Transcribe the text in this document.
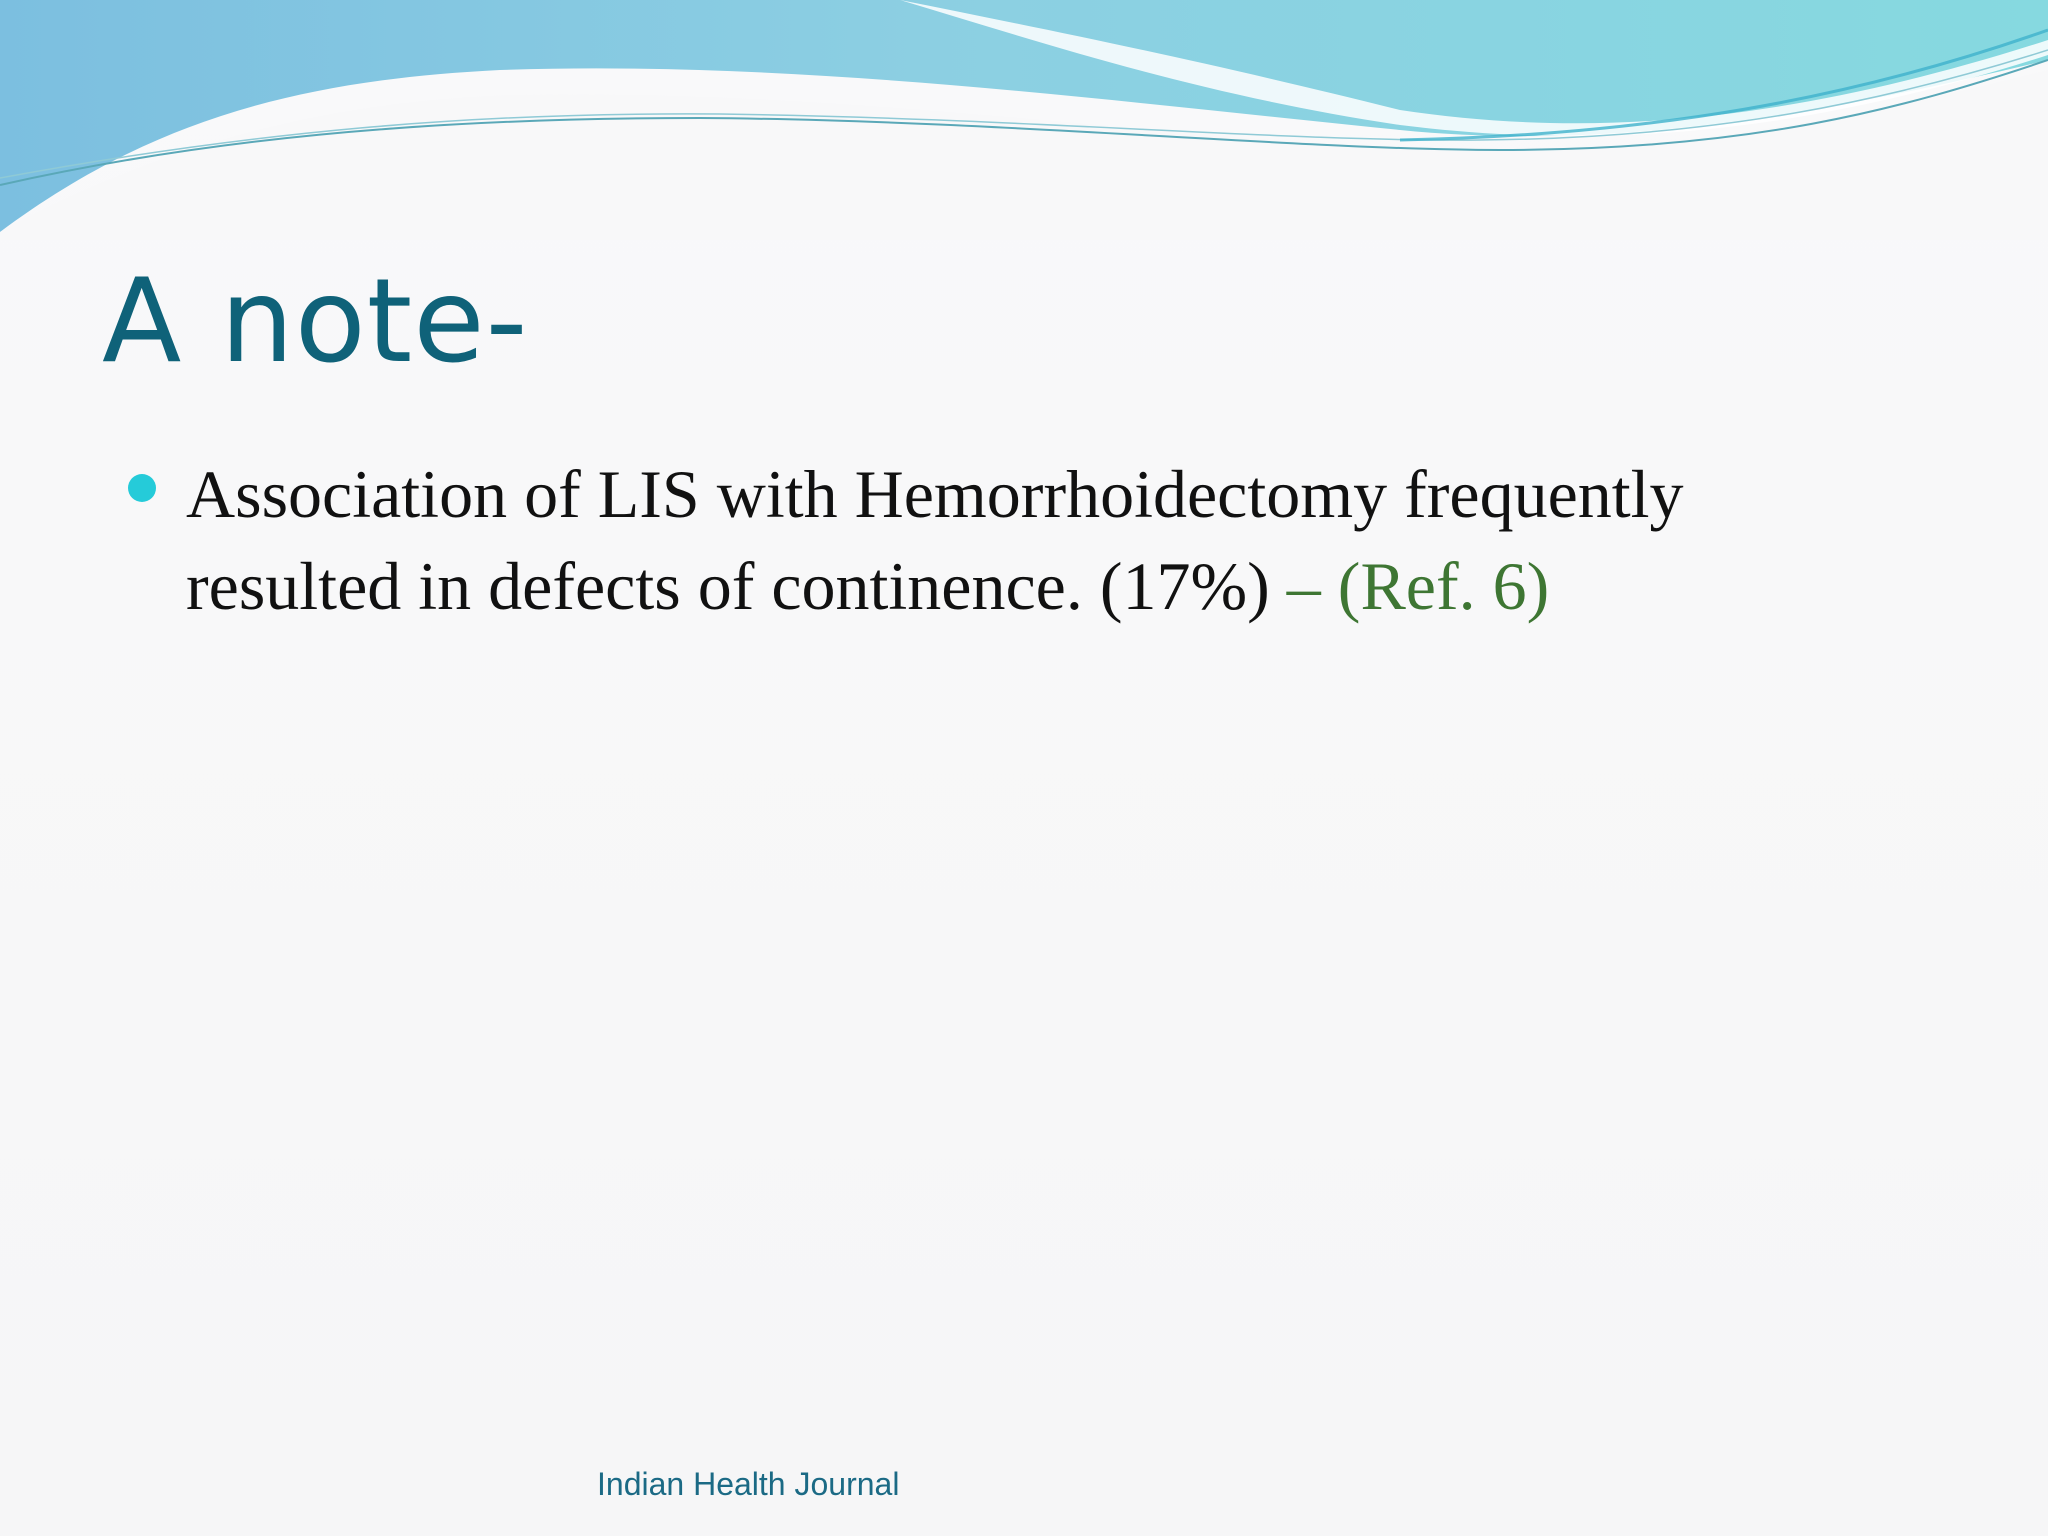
A note-
Association of LIS with Hemorrhoidectomy frequently resulted in defects of continence. (17%) – (Ref. 6)
Indian Health Journal
